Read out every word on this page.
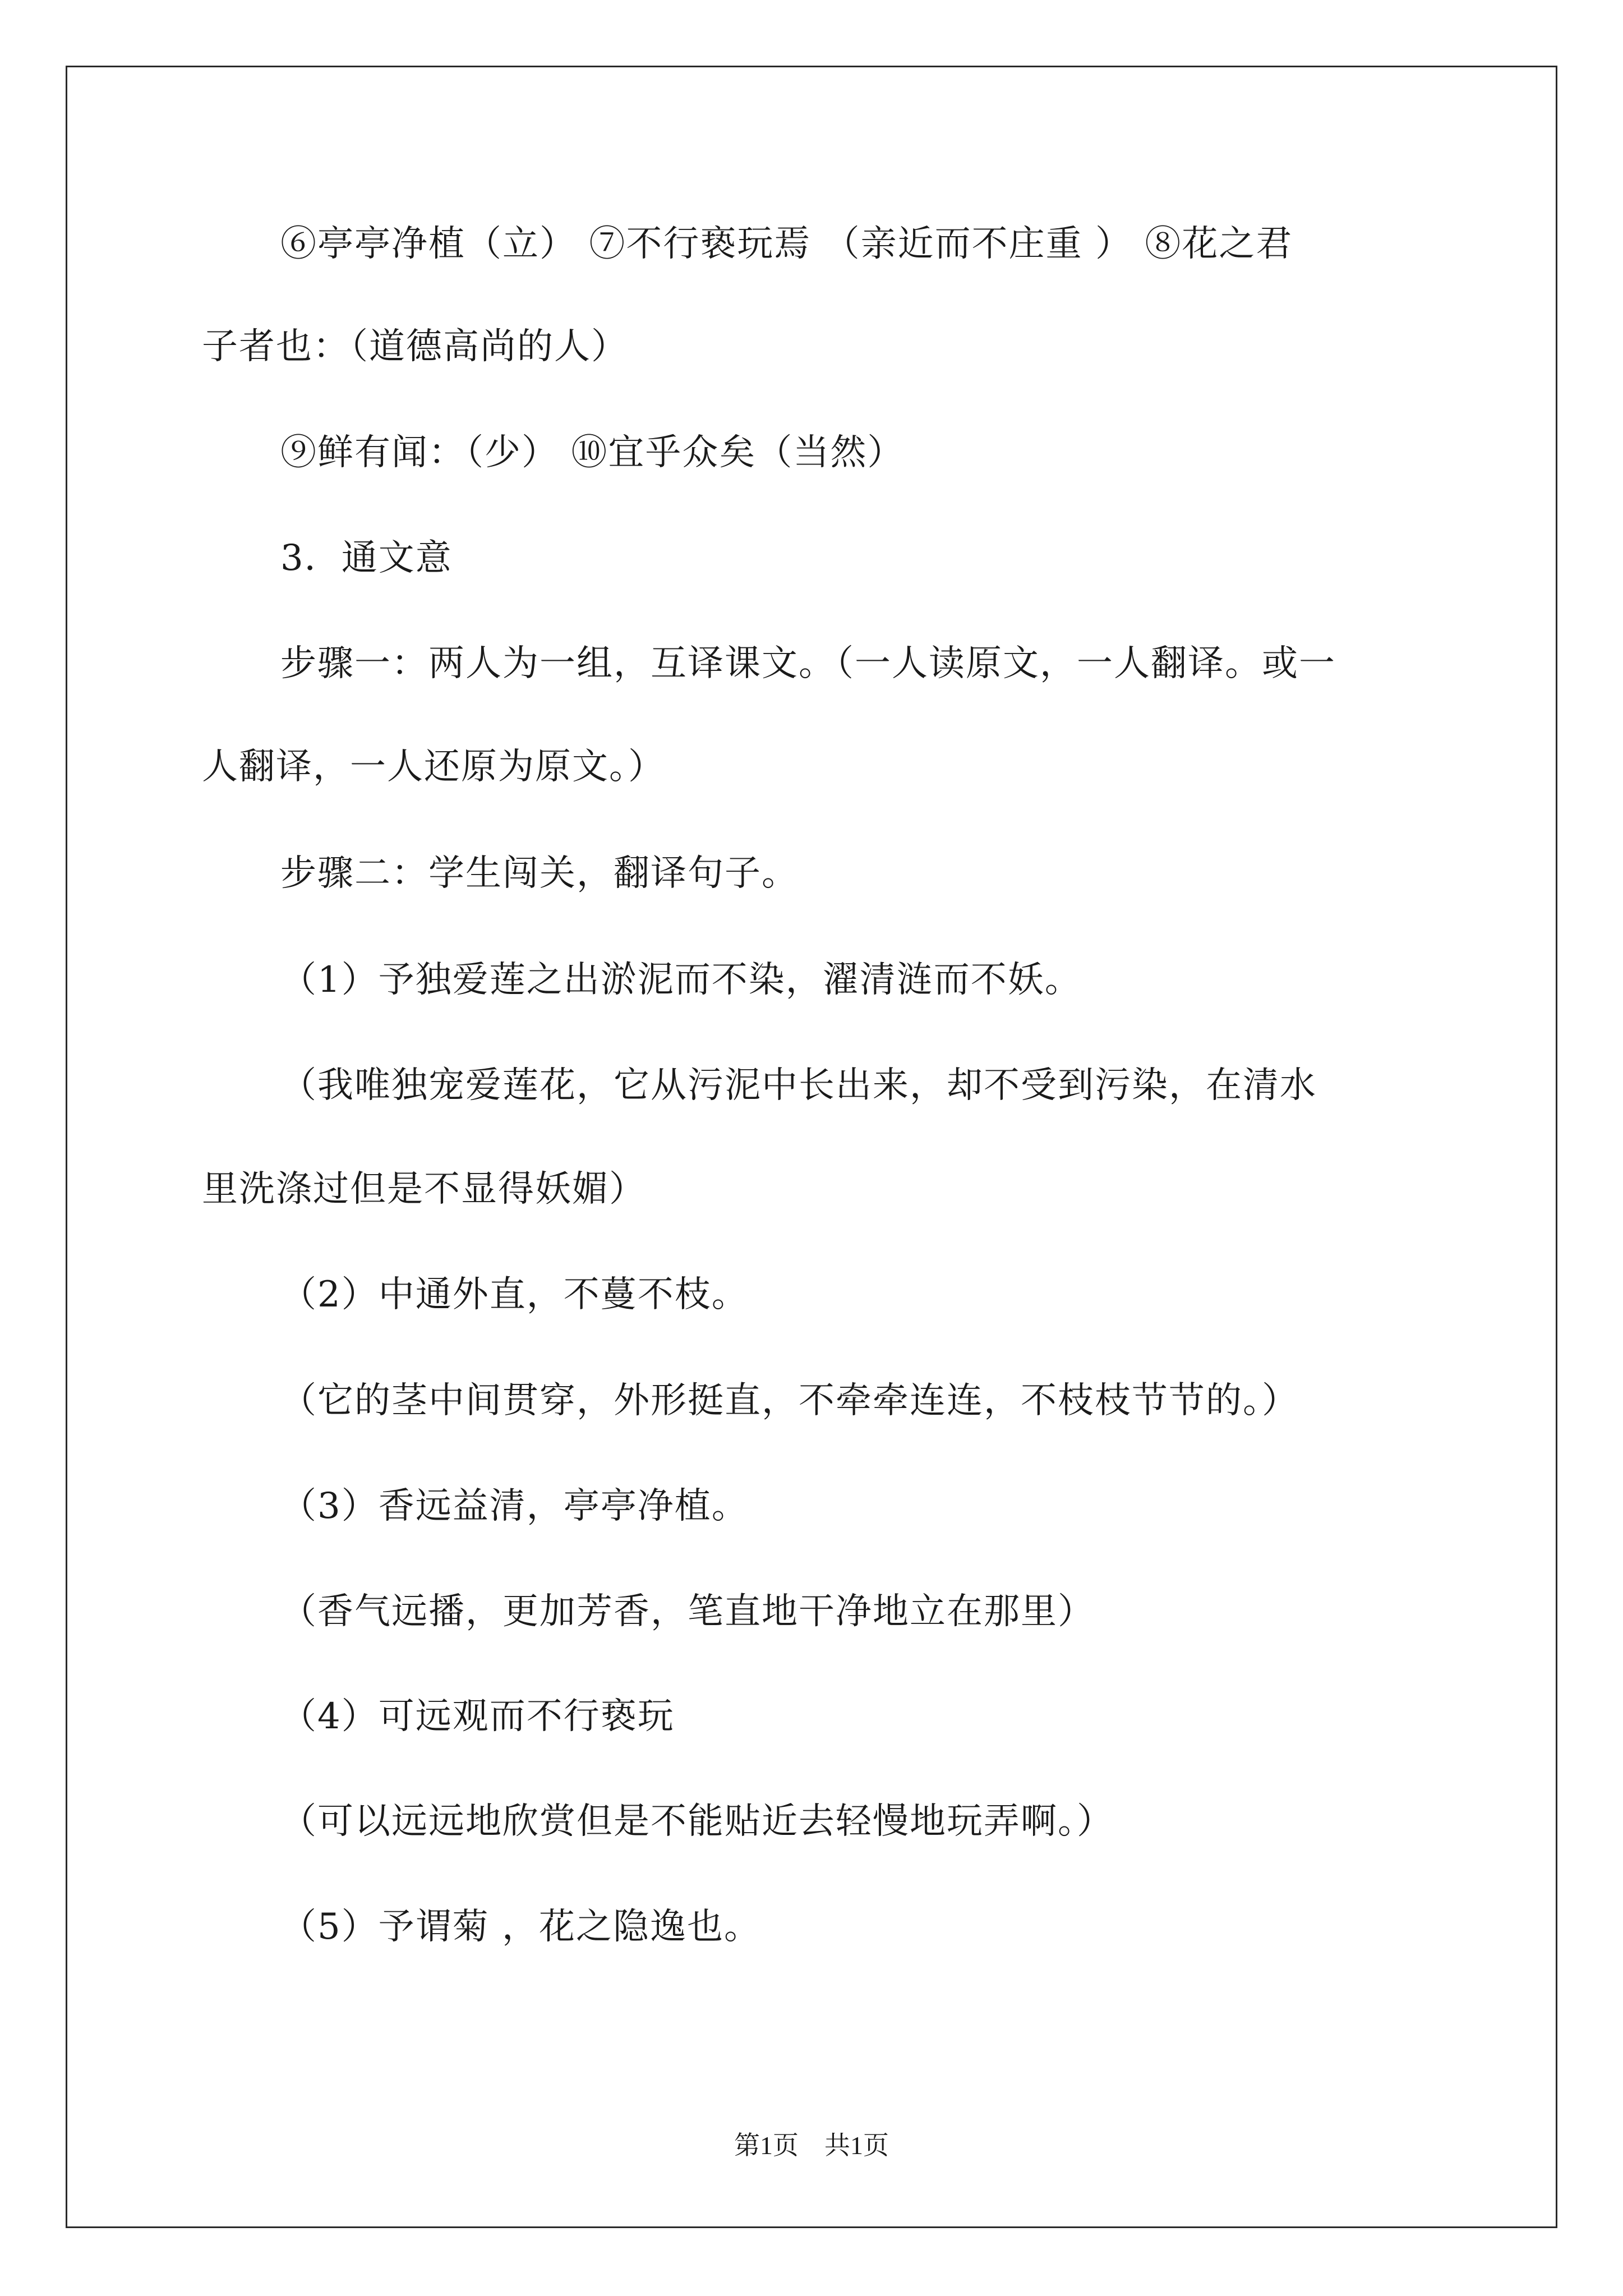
⑥亭亭净植（立） ⑦不行亵玩焉 （亲近而不庄重 ） ⑧花之君
子者也：（道德高尚的人）
⑨鲜有闻：（少） ⑩宜乎众矣（当然）
3．通文意
步骤一：两人为一组，互译课文。（一人读原文，一人翻译。或一
人翻译，一人还原为原文。）
步骤二：学生闯关，翻译句子。
（1）予独爱莲之出淤泥而不染，濯清涟而不妖。
（我唯独宠爱莲花，它从污泥中长出来，却不受到污染，在清水
里洗涤过但是不显得妖媚）
（2）中通外直，不蔓不枝。
（它的茎中间贯穿，外形挺直，不牵牵连连，不枝枝节节的。）
（3）香远益清，亭亭净植。
（香气远播，更加芳香，笔直地干净地立在那里）
（4）可远观而不行亵玩
（可以远远地欣赏但是不能贴近去轻慢地玩弄啊。）
（5）予谓菊 ，花之隐逸也。
第1页　共1页
